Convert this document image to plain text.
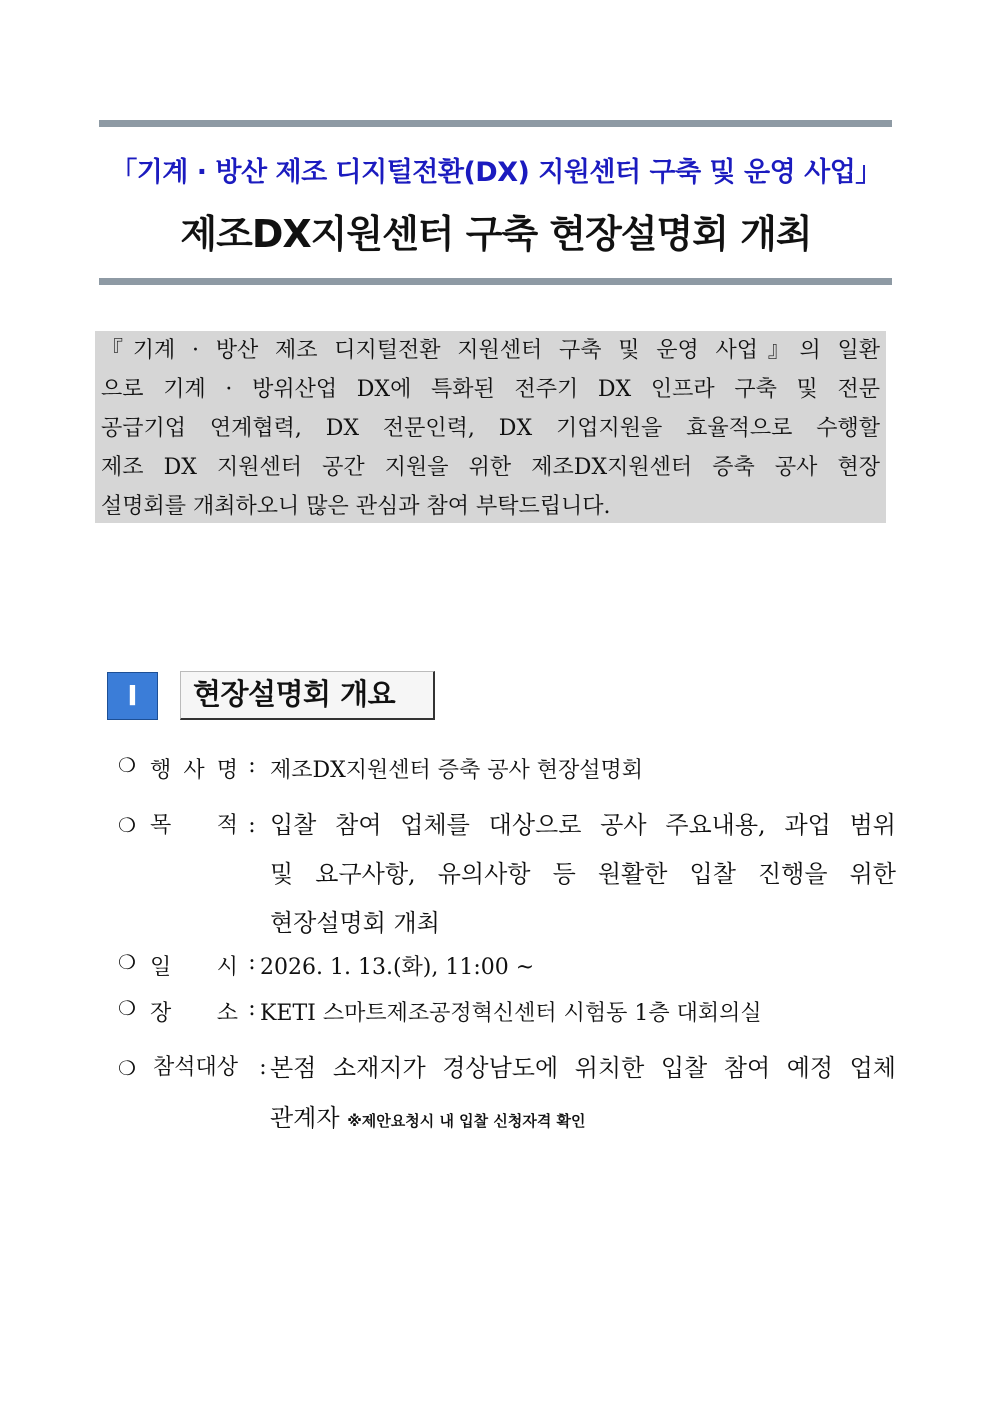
「기계 · 방산 제조 디지털전환(DX) 지원센터 구축 및 운영 사업」
제조DX지원센터 구축 현장설명회 개최
『기계 · 방산 제조 디지털전환 지원센터 구축 및 운영 사업』의 일환
으로 기계 · 방위산업 DX에 특화된 전주기 DX 인프라 구축 및 전문
공급기업 연계협력, DX 전문인력, DX 기업지원을 효율적으로 수행할
제조 DX 지원센터 공간 지원을 위한 제조DX지원센터 증축 공사 현장
설명회를 개최하오니 많은 관심과 참여 부탁드립니다.
Ⅰ	현장설명회 개요
❍ 행 사 명 : 제조DX지원센터 증축 공사 현장설명회
❍ 목 적 : 입찰 참여 업체를 대상으로 공사 주요내용, 과업 범위
및 요구사항, 유의사항 등 원활한 입찰 진행을 위한
현장설명회 개최
❍ 일 시 : 2026. 1. 13.(화), 11:00 ~
❍ 장 소 : KETI 스마트제조공정혁신센터 시험동 1층 대회의실
❍ 참석대상 : 본점 소재지가 경상남도에 위치한 입찰 참여 예정 업체
관계자 ※제안요청시 내 입찰 신청자격 확인
